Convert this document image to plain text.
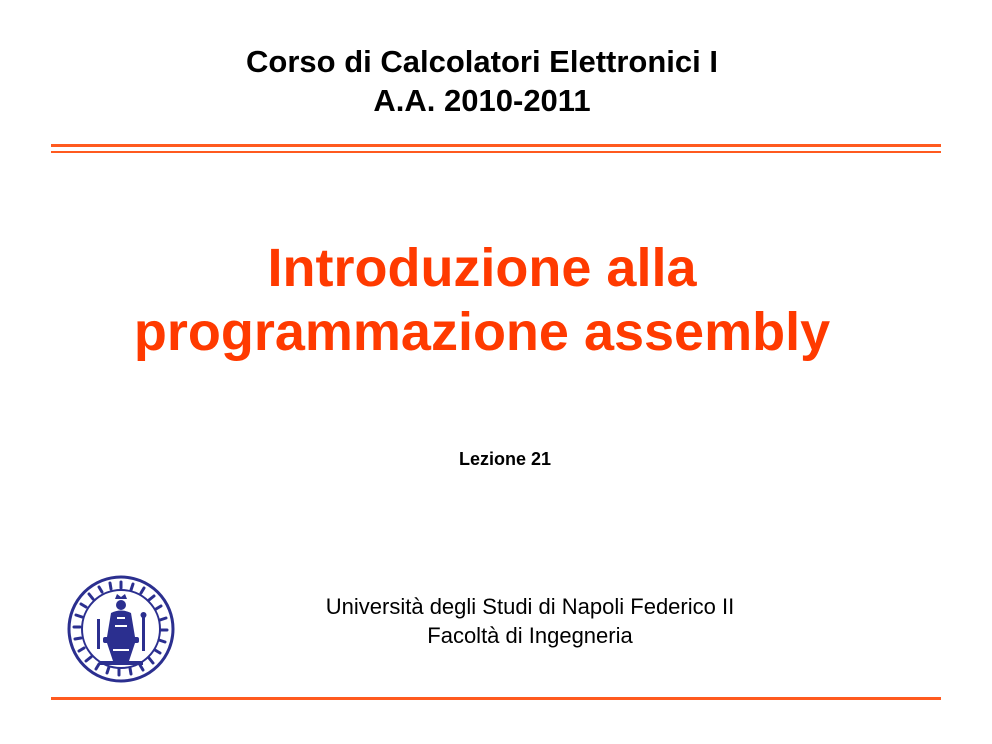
Corso di Calcolatori Elettronici I
A.A. 2010-2011
Introduzione alla
programmazione assembly
Lezione 21
Università degli Studi di Napoli Federico II
Facoltà di Ingegneria
